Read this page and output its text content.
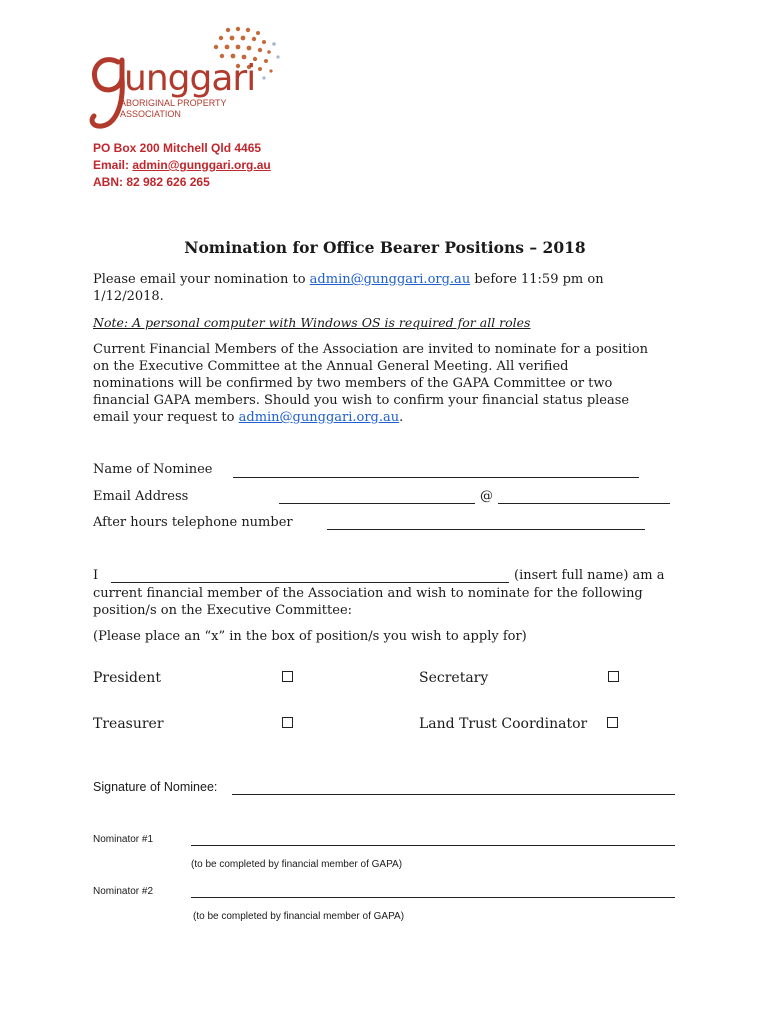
unggari
ABORIGINAL PROPERTY
ASSOCIATION
PO Box 200 Mitchell Qld 4465
Email: admin@gunggari.org.au
ABN: 82 982 626 265
Nomination for Office Bearer Positions – 2018
Please email your nomination to admin@gunggari.org.au before 11:59 pm on
1/12/2018.
Note: A personal computer with Windows OS is required for all roles
Current Financial Members of the Association are invited to nominate for a position
on the Executive Committee at the Annual General Meeting. All verified
nominations will be confirmed by two members of the GAPA Committee or two
financial GAPA members. Should you wish to confirm your financial status please
email your request to admin@gunggari.org.au.
Name of Nominee
Email Address	@
After hours telephone number
I	(insert full name) am a
current financial member of the Association and wish to nominate for the following
position/s on the Executive Committee:
(Please place an “x” in the box of position/s you wish to apply for)
President	Secretary
Treasurer	Land Trust Coordinator
Signature of Nominee:
Nominator #1
(to be completed by financial member of GAPA)
Nominator #2
(to be completed by financial member of GAPA)
